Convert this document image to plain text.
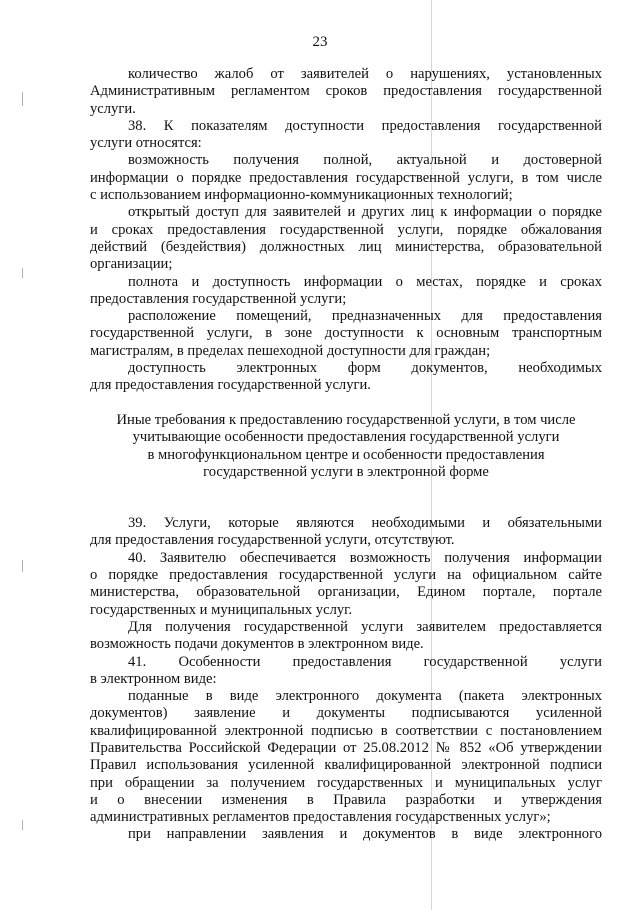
23
количество жалоб от заявителей о нарушениях, установленных
Административным регламентом сроков предоставления государственной
услуги.
38. К показателям доступности предоставления государственной
услуги относятся:
возможность получения полной, актуальной и достоверной
информации о порядке предоставления государственной услуги, в том числе
с использованием информационно-коммуникационных технологий;
открытый доступ для заявителей и других лиц к информации о порядке
и сроках предоставления государственной услуги, порядке обжалования
действий (бездействия) должностных лиц министерства, образовательной
организации;
полнота и доступность информации о местах, порядке и сроках
предоставления государственной услуги;
расположение помещений, предназначенных для предоставления
государственной услуги, в зоне доступности к основным транспортным
магистралям, в пределах пешеходной доступности для граждан;
доступность электронных форм документов, необходимых
для предоставления государственной услуги.
Иные требования к предоставлению государственной услуги, в том числе
учитывающие особенности предоставления государственной услуги
в многофункциональном центре и особенности предоставления
государственной услуги в электронной форме
39. Услуги, которые являются необходимыми и обязательными
для предоставления государственной услуги, отсутствуют.
40. Заявителю обеспечивается возможность получения информации
о порядке предоставления государственной услуги на официальном сайте
министерства, образовательной организации, Едином портале, портале
государственных и муниципальных услуг.
Для получения государственной услуги заявителем предоставляется
возможность подачи документов в электронном виде.
41. Особенности предоставления государственной услуги
в электронном виде:
поданные в виде электронного документа (пакета электронных
документов) заявление и документы подписываются усиленной
квалифицированной электронной подписью в соответствии с постановлением
Правительства Российской Федерации от 25.08.2012 № 852 «Об утверждении
Правил использования усиленной квалифицированной электронной подписи
при обращении за получением государственных и муниципальных услуг
и о внесении изменения в Правила разработки и утверждения
административных регламентов предоставления государственных услуг»;
при направлении заявления и документов в виде электронного
